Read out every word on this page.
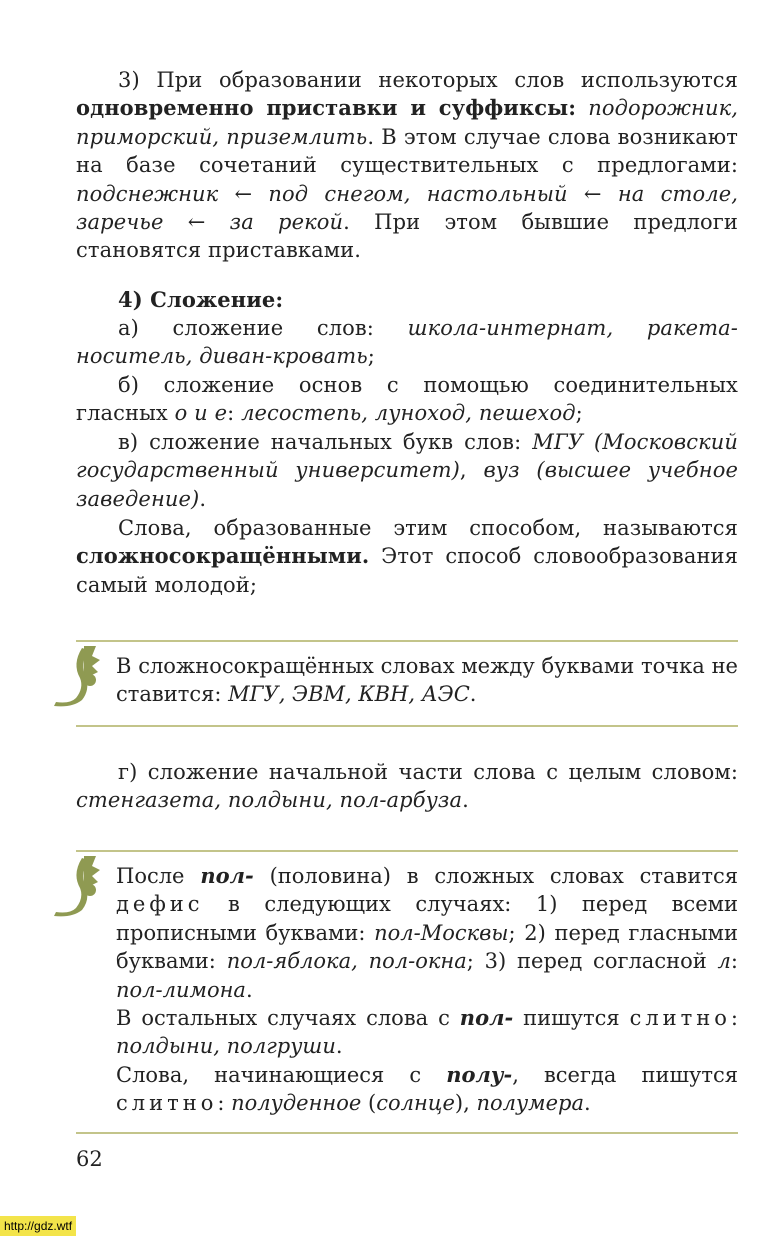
3) При образовании некоторых слов используются одновременно приставки и суффиксы: подорожник, приморский, приземлить. В этом случае слова возникают на базе сочетаний существительных с предлогами: подснежник ← под снегом, настольный ← на столе, заречье ← за рекой. При этом бывшие предлоги становятся приставками.

4) Сложение:

а) сложение слов: школа-интернат, ракета-носитель, диван-кровать;

б) сложение основ с помощью соединительных гласных о и е: лесостепь, луноход, пешеход;

в) сложение начальных букв слов: МГУ (Московский государственный университет), вуз (высшее учебное заведение).

Слова, образованные этим способом, называются сложносокращёнными. Этот способ словообразования самый молодой;

В сложносокращённых словах между буквами точка не ставится: МГУ, ЭВМ, КВН, АЭС.

г) сложение начальной части слова с целым словом: стенгазета, полдыни, пол-арбуза.

После пол- (половина) в сложных словах ставится дефис в следующих случаях: 1) перед всеми прописными буквами: пол-Москвы; 2) перед гласными буквами: пол-яблока, пол-окна; 3) перед согласной л: пол-лимона.

В остальных случаях слова с пол- пишутся слитно: полдыни, полгруши.

Слова, начинающиеся с полу-, всегда пишутся слитно: полуденное (солнце), полумера.

62
http://gdz.wtf
